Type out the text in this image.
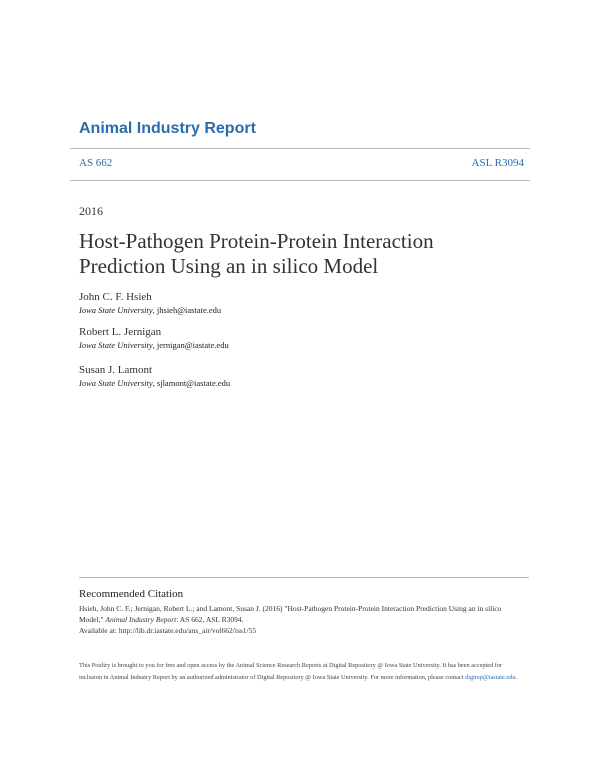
Animal Industry Report
AS 662	ASL R3094
2016
Host-Pathogen Protein-Protein Interaction Prediction Using an in silico Model
John C. F. Hsieh
Iowa State University, jhsieh@iastate.edu
Robert L. Jernigan
Iowa State University, jernigan@iastate.edu
Susan J. Lamont
Iowa State University, sjlamont@iastate.edu
Recommended Citation
Hsieh, John C. F.; Jernigan, Robert L.; and Lamont, Susan J. (2016) "Host-Pathogen Protein-Protein Interaction Prediction Using an in silico Model," Animal Industry Report: AS 662, ASL R3094.
Available at: http://lib.dr.iastate.edu/ans_air/vol662/iss1/55
This Poultry is brought to you for free and open access by the Animal Science Research Reports at Digital Repository @ Iowa State University. It has been accepted for inclusion in Animal Industry Report by an authorized administrator of Digital Repository @ Iowa State University. For more information, please contact digirep@iastate.edu.
